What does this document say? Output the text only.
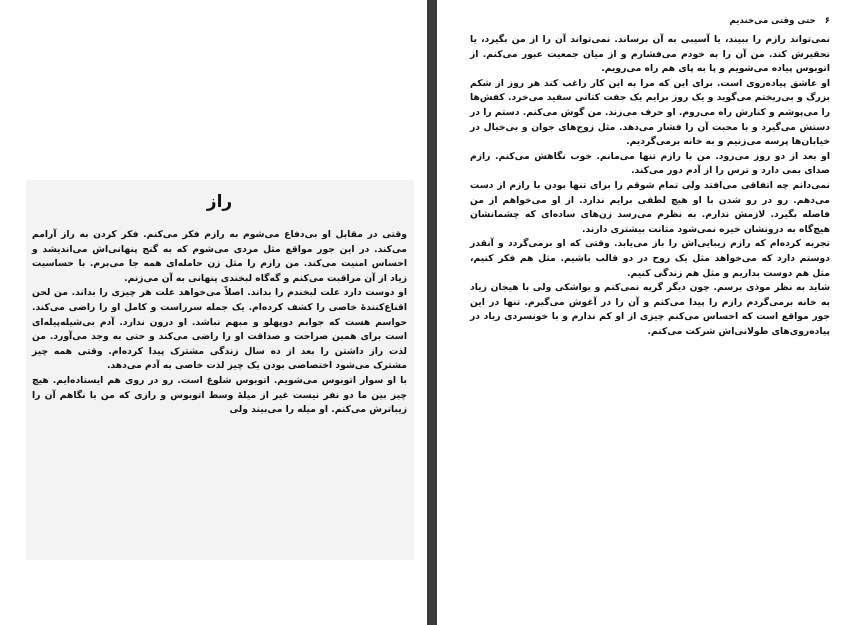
راز

وقتی در مقابل او بی‌دفاع می‌شوم به رازم فکر می‌کنم. فکر کردن به راز آرامم می‌کند. در این جور مواقع مثل مردی می‌شوم که به گنج پنهانی‌اش می‌اندیشد و احساس امنیت می‌کند. من رازم را مثل زن حامله‌ای همه جا می‌برم. با حساسیت زیاد از آن مراقبت می‌کنم و گه‌گاه لبخندی پنهانی به آن می‌زنم.

او دوست دارد علت لبخندم را بداند. اصلاً می‌خواهد علت هر چیزی را بداند. من لحن اقناع‌کننده‌ٔ خاصی را کشف کرده‌ام. یک جمله سرراست و کامل او را راضی می‌کند. حواسم هست که جوابم دوپهلو و مبهم نباشد. او درون ندارد. آدم بی‌شیله‌پیله‌ای است برای همین صراحت و صداقت او را راضی می‌کند و حتی به وجد می‌آورد. من لذت راز داشتن را بعد از ده سال زندگی مشترک پیدا کرده‌ام. وقتی همه چیز مشترک می‌شود اختصاصی بودن یک چیز لذت خاصی به آدم می‌دهد.

با او سوار اتوبوس می‌شویم. اتوبوس شلوغ است. رو در روی هم ایستاده‌ایم. هیچ چیز بین ما دو نفر نیست غیر از میلهٔ وسط اتوبوس و رازی که من با نگاهم آن را زیباترش می‌کنم. او میله را می‌بیند ولی

۶ حتی وقتی می‌خندیم

نمی‌تواند رازم را ببیند، یا آسیبی به آن برساند. نمی‌تواند آن را از من بگیرد، یا تحقیرش کند. من آن را به خودم می‌فشارم و از میان جمعیت عبور می‌کنم. از اتوبوس پیاده می‌شویم و پا به پای هم راه می‌رویم.

او عاشق پیاده‌روی است. برای این که مرا به این کار راغب کند هر روز از شکم بزرگ و بی‌ریختم می‌گوید و یک روز برایم یک جفت کتانی سفید می‌خرد. کفش‌ها را می‌پوشم و کنارش راه می‌روم. او حرف می‌زند. من گوش می‌کنم. دستم را در دستش می‌گیرد و با محبت آن را فشار می‌دهد. مثل زوج‌های جوان و بی‌خیال در خیابان‌ها پرسه می‌زنیم و به خانه برمی‌گردیم.

او بعد از دو روز می‌رود. من با رازم تنها می‌مانم. خوب نگاهش می‌کنم. رازم صدای بمی دارد و ترس را از آدم دور می‌کند.

نمی‌دانم چه اتفاقی می‌افتد ولی تمام شوقم را برای تنها بودن با رازم از دست می‌دهم. رو در رو شدن با او هیچ لطفی برایم ندارد. از او می‌خواهم از من فاصله بگیرد. لازمش ندارم. به نظرم می‌رسد زن‌های ساده‌ای که چشمانشان هیچ‌گاه به درونشان خیره نمی‌شود متانت بیشتری دارند.

تجربه کرده‌ام که رازم زیبایی‌اش را باز می‌یابد. وقتی که او برمی‌گردد و آنقدر دوستم دارد که می‌خواهد مثل یک روح در دو قالب باشیم. مثل هم فکر کنیم، مثل هم دوست بداریم و مثل هم زندگی کنیم.

شاید به نظر موذی برسم. چون دیگر گریه نمی‌کنم و یواشکی ولی با هیجان زیاد به خانه برمی‌گردم رازم را پیدا می‌کنم و آن را در آغوش می‌گیرم. تنها در این جور مواقع است که احساس می‌کنم چیزی از او کم ندارم و با خونسردی زیاد در پیاده‌روی‌های طولانی‌اش شرکت می‌کنم.
